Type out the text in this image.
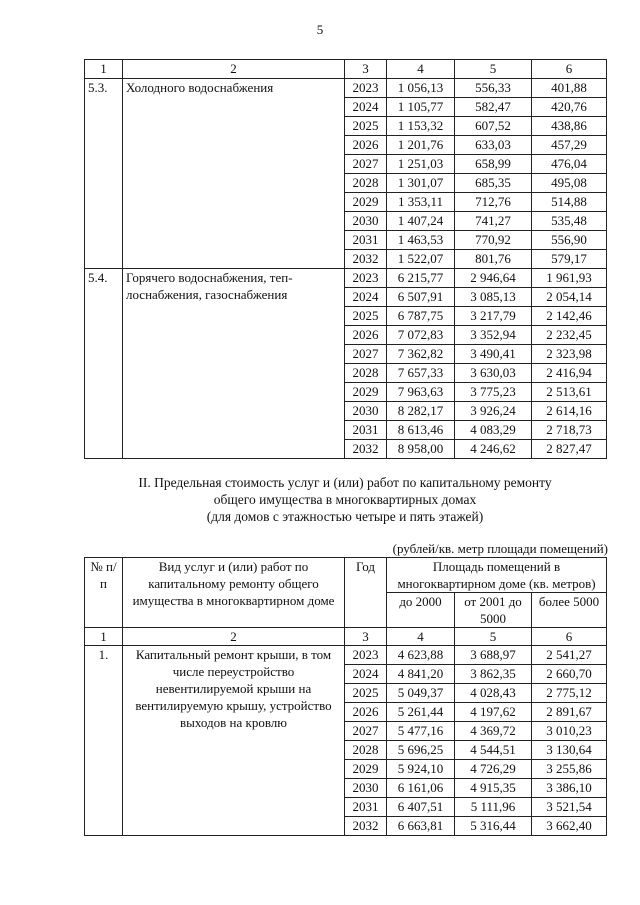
5
1	2	3	4	5	6
5.3.	Холодного водоснабжения	2023	1 056,13	556,33	401,88
		2024	1 105,77	582,47	420,76
		2025	1 153,32	607,52	438,86
		2026	1 201,76	633,03	457,29
		2027	1 251,03	658,99	476,04
		2028	1 301,07	685,35	495,08
		2029	1 353,11	712,76	514,88
		2030	1 407,24	741,27	535,48
		2031	1 463,53	770,92	556,90
		2032	1 522,07	801,76	579,17
5.4.	Горячего водоснабжения, теп-лоснабжения, газоснабжения	2023	6 215,77	2 946,64	1 961,93
		2024	6 507,91	3 085,13	2 054,14
		2025	6 787,75	3 217,79	2 142,46
		2026	7 072,83	3 352,94	2 232,45
		2027	7 362,82	3 490,41	2 323,98
		2028	7 657,33	3 630,03	2 416,94
		2029	7 963,63	3 775,23	2 513,61
		2030	8 282,17	3 926,24	2 614,16
		2031	8 613,46	4 083,29	2 718,73
		2032	8 958,00	4 246,62	2 827,47
II. Предельная стоимость услуг и (или) работ по капитальному ремонту
общего имущества в многоквартирных домах
(для домов с этажностью четыре и пять этажей)
(рублей/кв. метр площади помещений)
№ п/п	Вид услуг и (или) работ по капитальному ремонту общего имущества в многоквартирном доме	Год	Площадь помещений в многоквартирном доме (кв. метров)		
			до 2000	от 2001 до 5000	более 5000
1	2	3	4	5	6
1.	Капитальный ремонт крыши, в том числе переустройство невентилируемой крыши на вентилируемую крышу, устройство выходов на кровлю	2023	4 623,88	3 688,97	2 541,27
		2024	4 841,20	3 862,35	2 660,70
		2025	5 049,37	4 028,43	2 775,12
		2026	5 261,44	4 197,62	2 891,67
		2027	5 477,16	4 369,72	3 010,23
		2028	5 696,25	4 544,51	3 130,64
		2029	5 924,10	4 726,29	3 255,86
		2030	6 161,06	4 915,35	3 386,10
		2031	6 407,51	5 111,96	3 521,54
		2032	6 663,81	5 316,44	3 662,40
